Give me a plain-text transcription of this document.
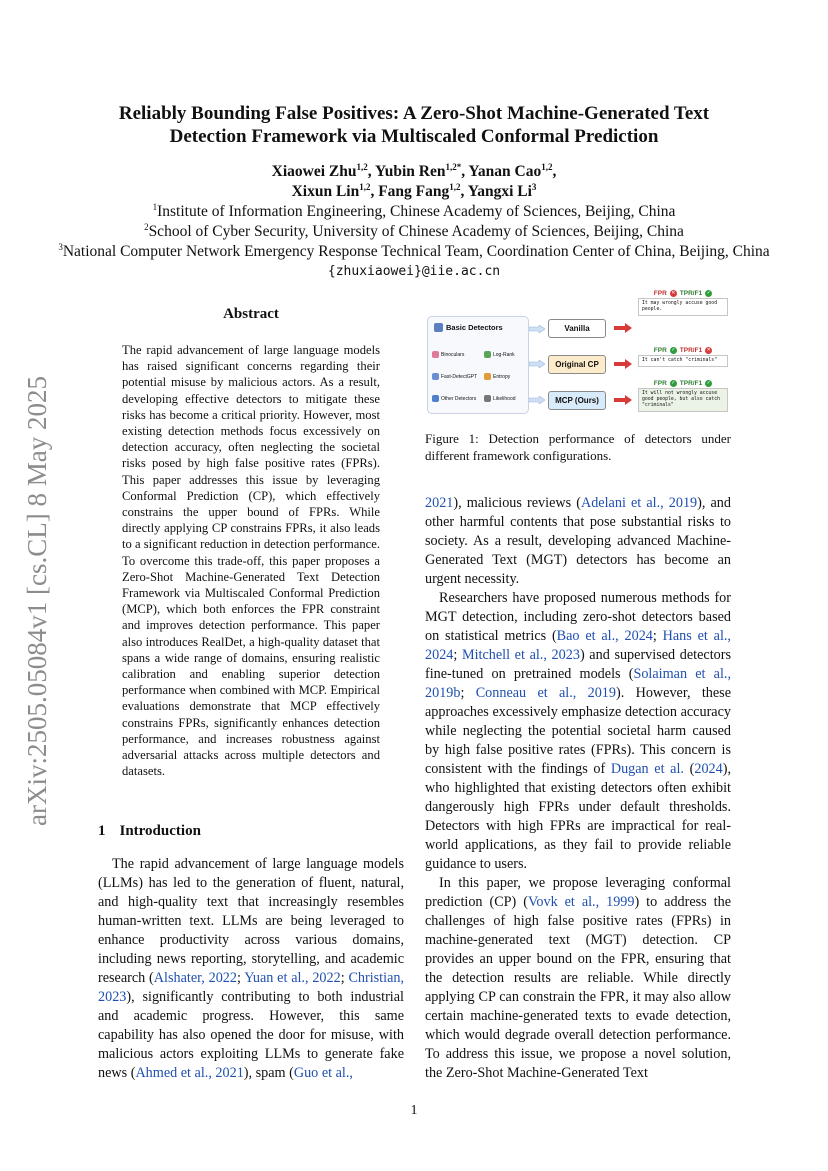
arXiv:2505.05084v1 [cs.CL] 8 May 2025
Reliably Bounding False Positives: A Zero-Shot Machine-Generated Text
Detection Framework via Multiscaled Conformal Prediction
Xiaowei Zhu$^{1,2}$, Yubin Ren$^{1,2*}$, Yanan Cao$^{1,2}$,
Xixun Lin$^{1,2}$, Fang Fang$^{1,2}$, Yangxi Li$^3$
$^1$Institute of Information Engineering, Chinese Academy of Sciences, Beijing, China
$^2$School of Cyber Security, University of Chinese Academy of Sciences, Beijing, China
$^3$National Computer Network Emergency Response Technical Team, Coordination Center of China, Beijing, China
{zhuxiaowei}@iie.ac.cn
Abstract
The rapid advancement of large language models has raised significant concerns regarding their potential misuse by malicious actors. As a result, developing effective detectors to mitigate these risks has become a critical priority. However, most existing detection methods focus excessively on detection accuracy, often neglecting the societal risks posed by high false positive rates (FPRs). This paper addresses this issue by leveraging Conformal Prediction (CP), which effectively constrains the upper bound of FPRs. While directly applying CP constrains FPRs, it also leads to a significant reduction in detection performance. To overcome this trade-off, this paper proposes a Zero-Shot Machine-Generated Text Detection Framework via Multiscaled Conformal Prediction (MCP), which both enforces the FPR constraint and improves detection performance. This paper also introduces RealDet, a high-quality dataset that spans a wide range of domains, ensuring realistic calibration and enabling superior detection performance when combined with MCP. Empirical evaluations demonstrate that MCP effectively constrains FPRs, significantly enhances detection performance, and increases robustness against adversarial attacks across multiple detectors and datasets.
1 Introduction

The rapid advancement of large language models (LLMs) has led to the generation of fluent, natural, and high-quality text that increasingly resembles human-written text. LLMs are being leveraged to enhance productivity across various domains, including news reporting, storytelling, and academic research (Alshater, 2022; Yuan et al., 2022; Christian, 2023), significantly contributing to both industrial and academic progress. However, this same capability has also opened the door for misuse, with malicious actors exploiting LLMs to generate fake news (Ahmed et al., 2021), spam (Guo et al.,

Basic Detectors
Binoculars	Log-Rank
Fast-DetectGPT	Entropy
Other Detectors	Likelihood
Vanilla
Original CP
MCP (Ours)
FPR ✕ TPR/F1 ✓
It may wrongly accuse good people.
FPR ✓ TPR/F1 ✕
It can't catch "criminals"
FPR ✓ TPR/F1 ✓
It will not wrongly accuse good people, but also catch "criminals"
Figure 1: Detection performance of detectors under different framework configurations.

2021), malicious reviews (Adelani et al., 2019), and other harmful contents that pose substantial risks to society. As a result, developing advanced Machine-Generated Text (MGT) detectors has become an urgent necessity.

Researchers have proposed numerous methods for MGT detection, including zero-shot detectors based on statistical metrics (Bao et al., 2024; Hans et al., 2024; Mitchell et al., 2023) and supervised detectors fine-tuned on pretrained models (Solaiman et al., 2019b; Conneau et al., 2019). However, these approaches excessively emphasize detection accuracy while neglecting the potential societal harm caused by high false positive rates (FPRs). This concern is consistent with the findings of Dugan et al. (2024), who highlighted that existing detectors often exhibit dangerously high FPRs under default thresholds. Detectors with high FPRs are impractical for real-world applications, as they fail to provide reliable guidance to users.

In this paper, we propose leveraging conformal prediction (CP) (Vovk et al., 1999) to address the challenges of high false positive rates (FPRs) in machine-generated text (MGT) detection. CP provides an upper bound on the FPR, ensuring that the detection results are reliable. While directly applying CP can constrain the FPR, it may also allow certain machine-generated texts to evade detection, which would degrade overall detection performance. To address this issue, we propose a novel solution, the Zero-Shot Machine-Generated Text

1
